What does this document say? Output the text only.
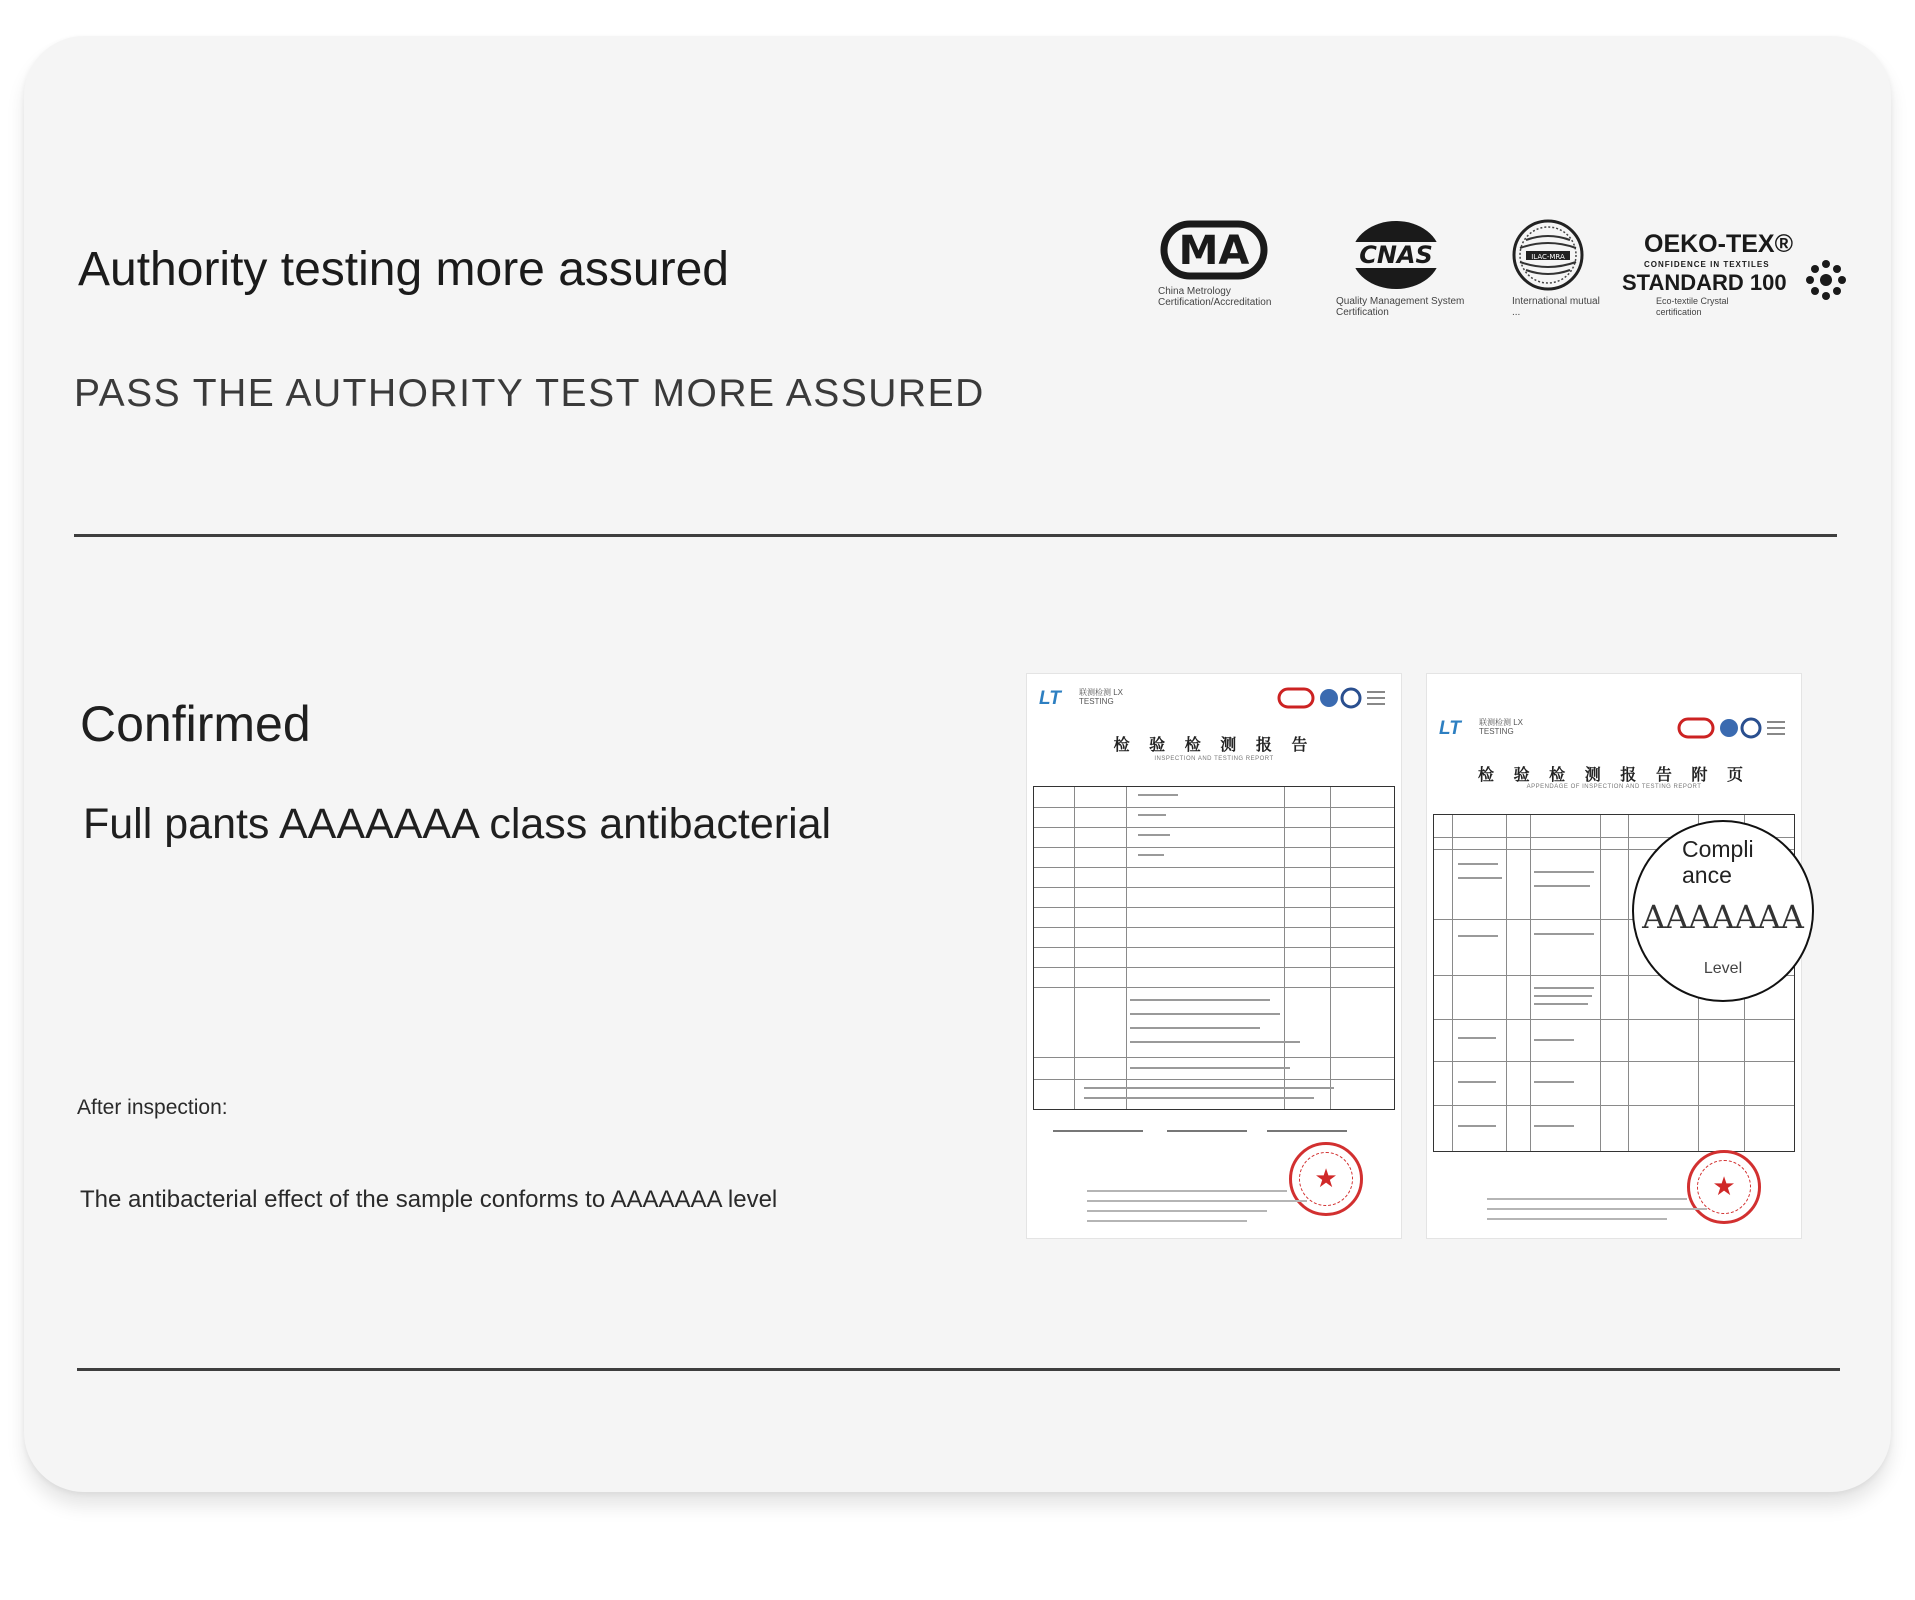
Authority testing more assured
PASS THE AUTHORITY TEST MORE ASSURED
MA
China Metrology Certification/Accreditation
CNAS
Quality Management System Certification
ILAC-MRA
International mutual ...
OEKO-TEX®
CONFIDENCE IN TEXTILES
STANDARD 100
Eco-textile Crystal certification
Confirmed
Full pants AAAAAAA class antibacterial
After inspection:
The antibacterial effect of the sample conforms to AAAAAAA level
LT 联测检测 LX TESTING
检 验 检 测 报 告
INSPECTION AND TESTING REPORT
★
LT 联测检测 LX TESTING
检 验 检 测 报 告 附 页
APPENDAGE OF INSPECTION AND TESTING REPORT
★
Compli ance
AAAAAAA
Level
